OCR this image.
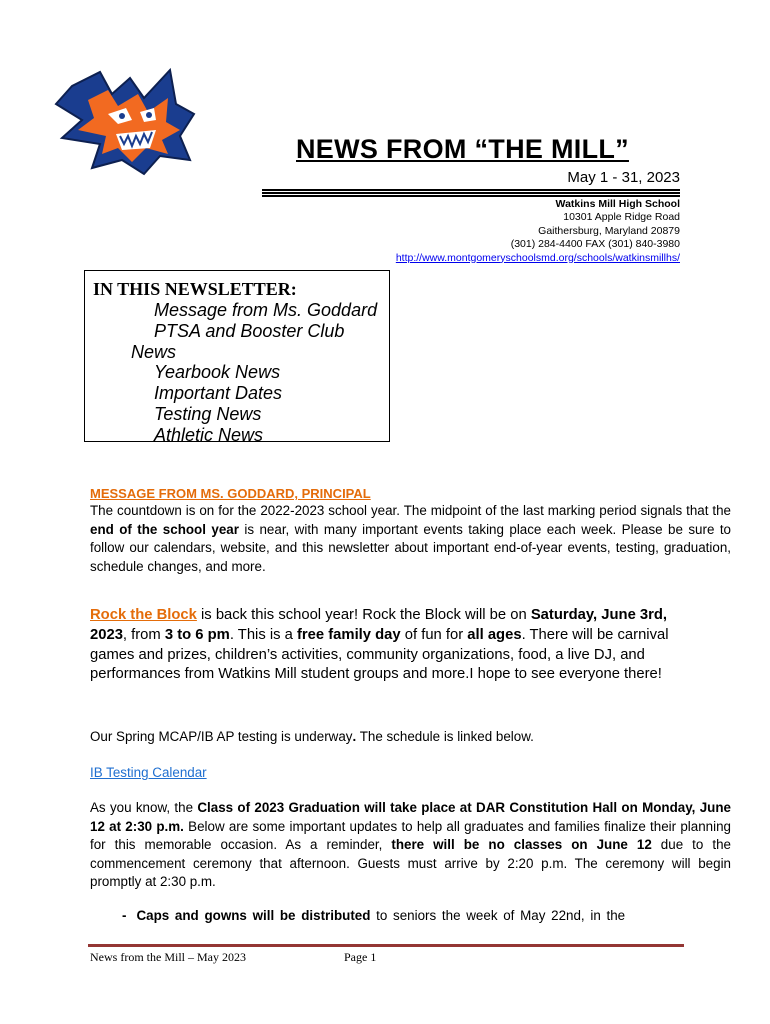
NEWS FROM “THE MILL”
May 1 - 31, 2023
Watkins Mill High School
10301 Apple Ridge Road
Gaithersburg, Maryland 20879
(301) 284-4400 FAX (301) 840-3980
http://www.montgomeryschoolsmd.org/schools/watkinsmillhs/
IN THIS NEWSLETTER:
Message from Ms. Goddard
PTSA and Booster Club
News
Yearbook News
Important Dates
Testing News
Athletic News
MESSAGE FROM MS. GODDARD, PRINCIPAL
The countdown is on for the 2022-2023 school year. The midpoint of the last marking period signals that the end of the school year is near, with many important events taking place each week. Please be sure to follow our calendars, website, and this newsletter about important end-of-year events, testing, graduation, schedule changes, and more.
Rock the Block is back this school year! Rock the Block will be on Saturday, June 3rd, 2023, from 3 to 6 pm. This is a free family day of fun for all ages. There will be carnival games and prizes, children’s activities, community organizations, food, a live DJ, and performances from Watkins Mill student groups and more.I hope to see everyone there!
Our Spring MCAP/IB AP testing is underway. The schedule is linked below.
IB Testing Calendar
As you know, the Class of 2023 Graduation will take place at DAR Constitution Hall on Monday, June 12 at 2:30 p.m. Below are some important updates to help all graduates and families finalize their planning for this memorable occasion. As a reminder, there will be no classes on June 12 due to the commencement ceremony that afternoon. Guests must arrive by 2:20 p.m. The ceremony will begin promptly at 2:30 p.m.
- Caps and gowns will be distributed to seniors the week of May 22nd, in the
News from the Mill – May 2023	Page 1
